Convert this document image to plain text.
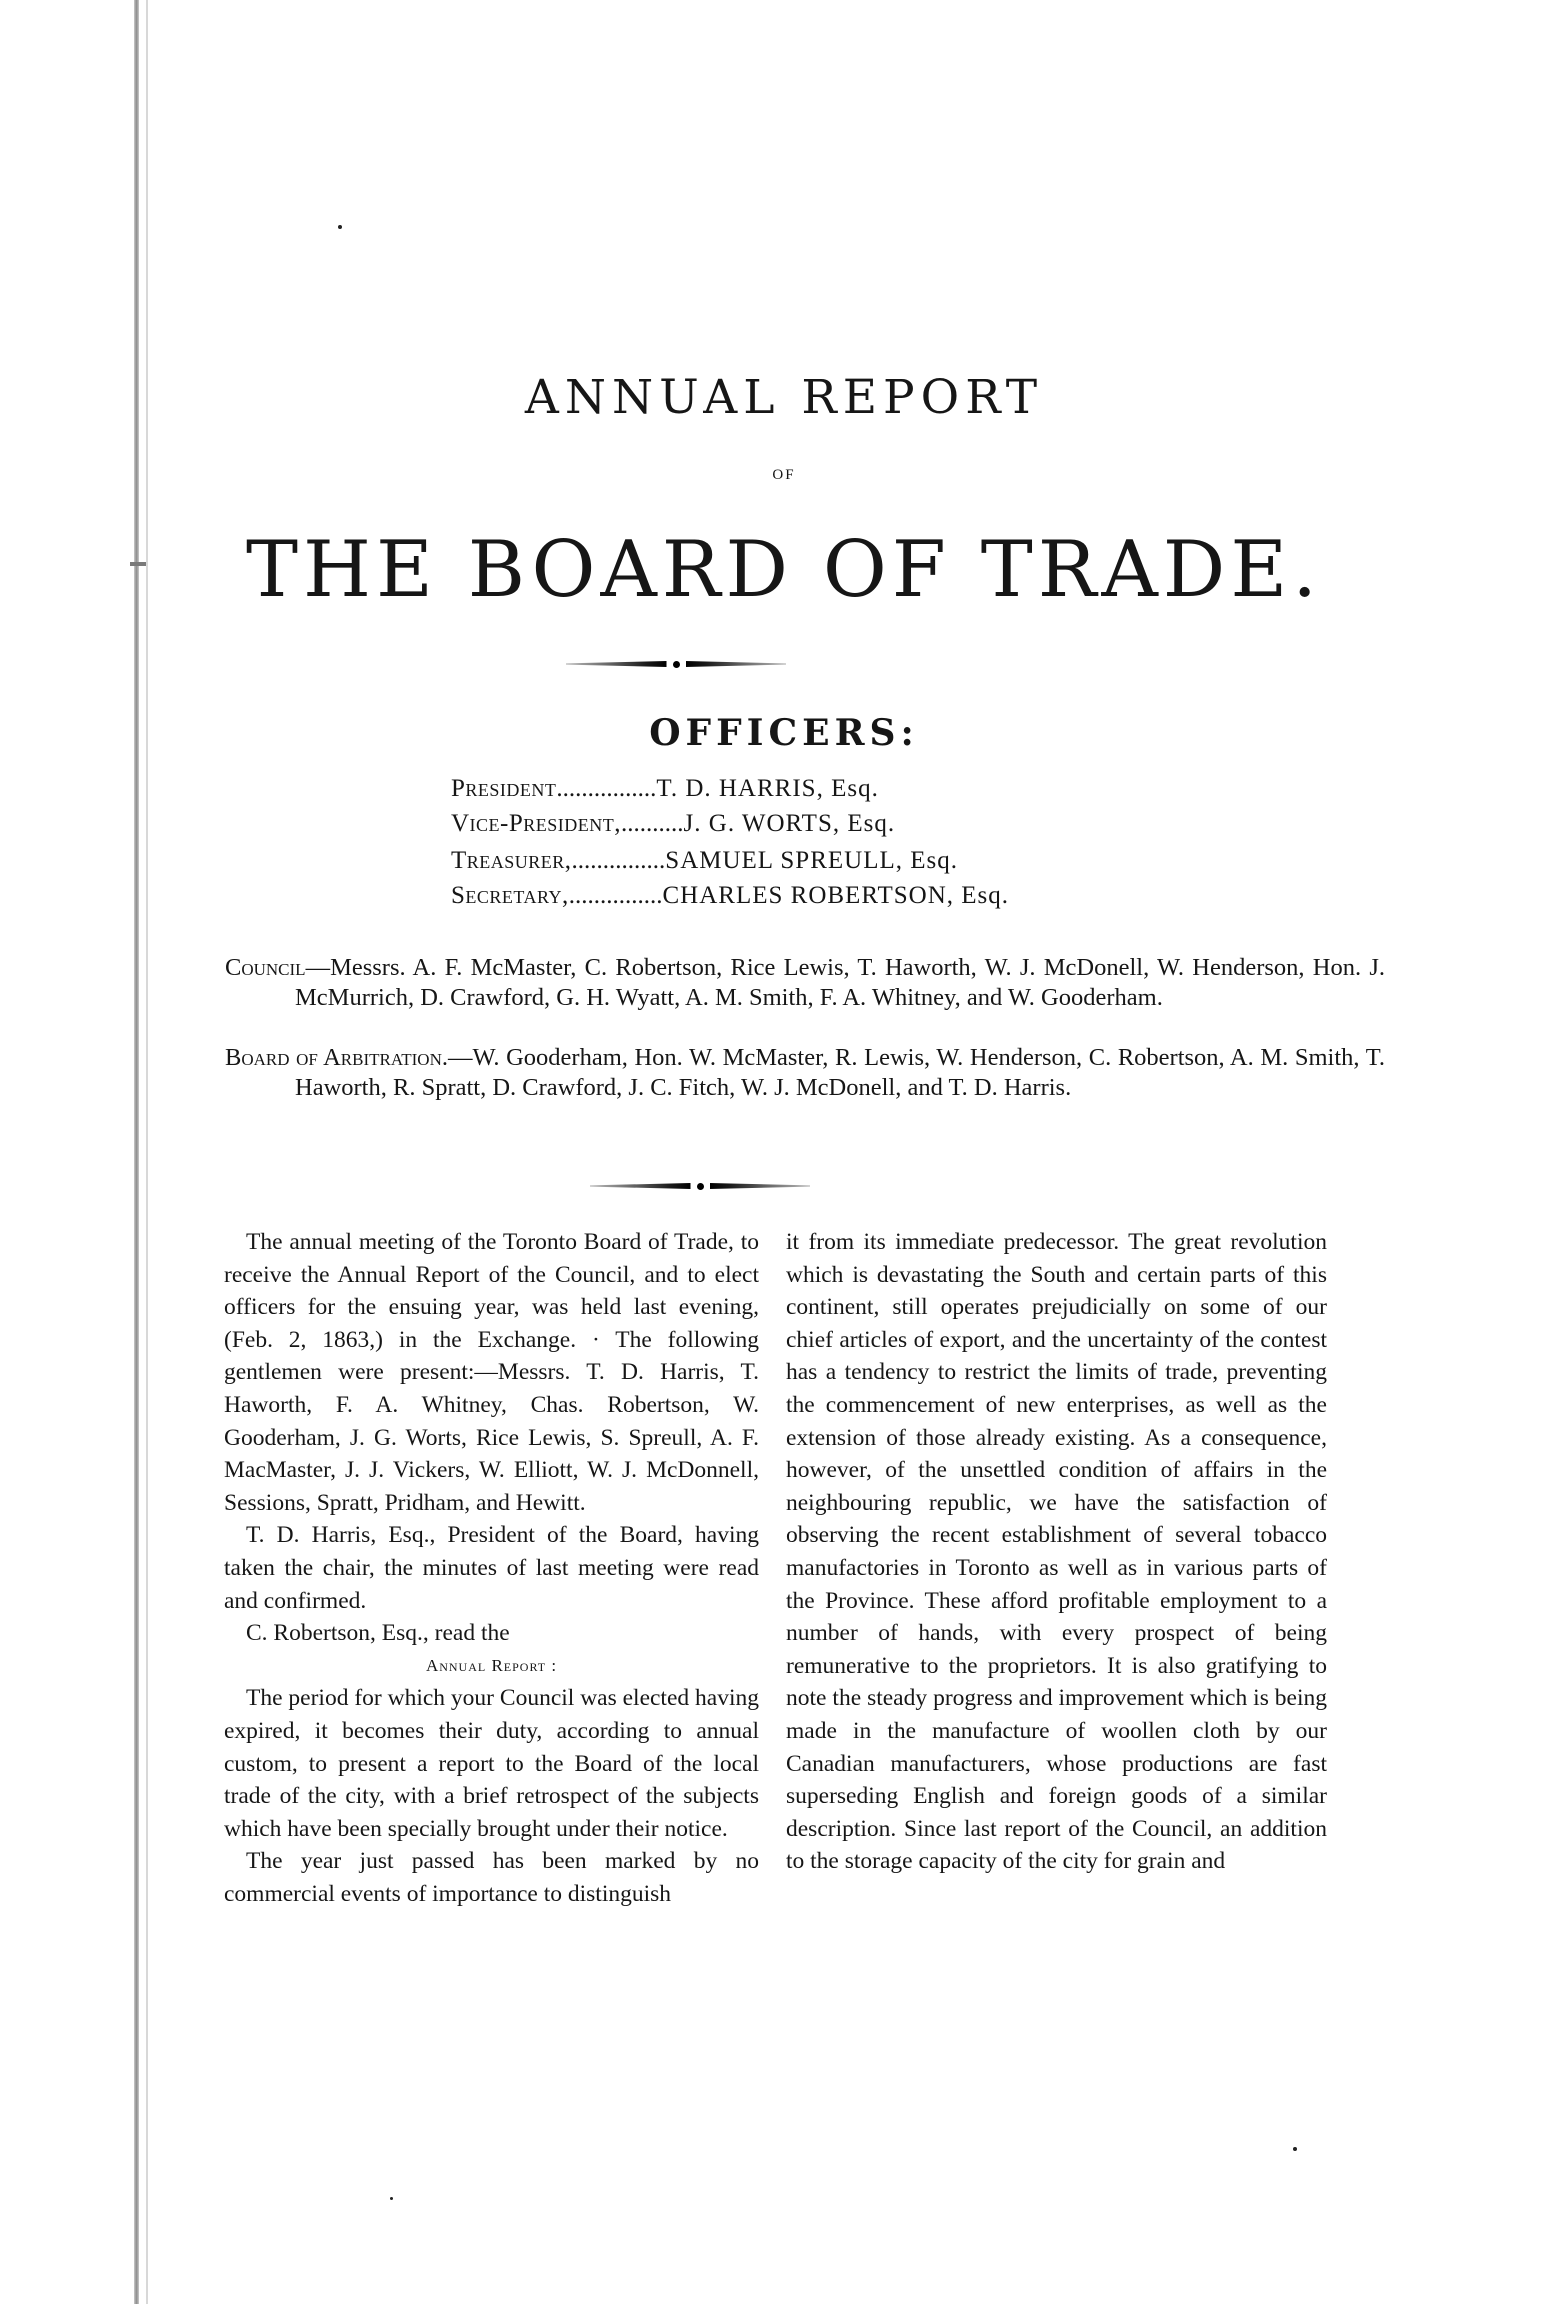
ANNUAL REPORT
OF
THE BOARD OF TRADE.
OFFICERS:
President................T. D. HARRIS, Esq.
Vice-President,..........J. G. WORTS, Esq.
Treasurer,...............SAMUEL SPREULL, Esq.
Secretary,...............CHARLES ROBERTSON, Esq.
Council—Messrs. A. F. McMaster, C. Robertson, Rice Lewis, T. Haworth, W. J. McDonell, W. Henderson, Hon. J. McMurrich, D. Crawford, G. H. Wyatt, A. M. Smith, F. A. Whitney, and W. Gooderham.
Board of Arbitration.—W. Gooderham, Hon. W. McMaster, R. Lewis, W. Henderson, C. Robertson, A. M. Smith, T. Haworth, R. Spratt, D. Crawford, J. C. Fitch, W. J. McDonell, and T. D. Harris.

The annual meeting of the Toronto Board of Trade, to receive the Annual Report of the Council, and to elect officers for the ensuing year, was held last evening, (Feb. 2, 1863,) in the Exchange. · The following gentlemen were present:—Messrs. T. D. Harris, T. Haworth, F. A. Whitney, Chas. Robertson, W. Gooderham, J. G. Worts, Rice Lewis, S. Spreull, A. F. MacMaster, J. J. Vickers, W. Elliott, W. J. McDonnell, Sessions, Spratt, Pridham, and Hewitt.

T. D. Harris, Esq., President of the Board, having taken the chair, the minutes of last meeting were read and confirmed.

C. Robertson, Esq., read the

Annual Report :

The period for which your Council was elected having expired, it becomes their duty, according to annual custom, to present a report to the Board of the local trade of the city, with a brief retrospect of the subjects which have been specially brought under their notice.

The year just passed has been marked by no commercial events of importance to distinguish

it from its immediate predecessor. The great revolution which is devastating the South and certain parts of this continent, still operates prejudicially on some of our chief articles of export, and the uncertainty of the contest has a tendency to restrict the limits of trade, preventing the commencement of new enterprises, as well as the extension of those already existing. As a consequence, however, of the unsettled condition of affairs in the neighbouring republic, we have the satisfaction of observing the recent establishment of several tobacco manufactories in Toronto as well as in various parts of the Province. These afford profitable employment to a number of hands, with every prospect of being remunerative to the proprietors. It is also gratifying to note the steady progress and improvement which is being made in the manufacture of woollen cloth by our Canadian manufacturers, whose productions are fast superseding English and foreign goods of a similar description. Since last report of the Council, an addition to the storage capacity of the city for grain and
